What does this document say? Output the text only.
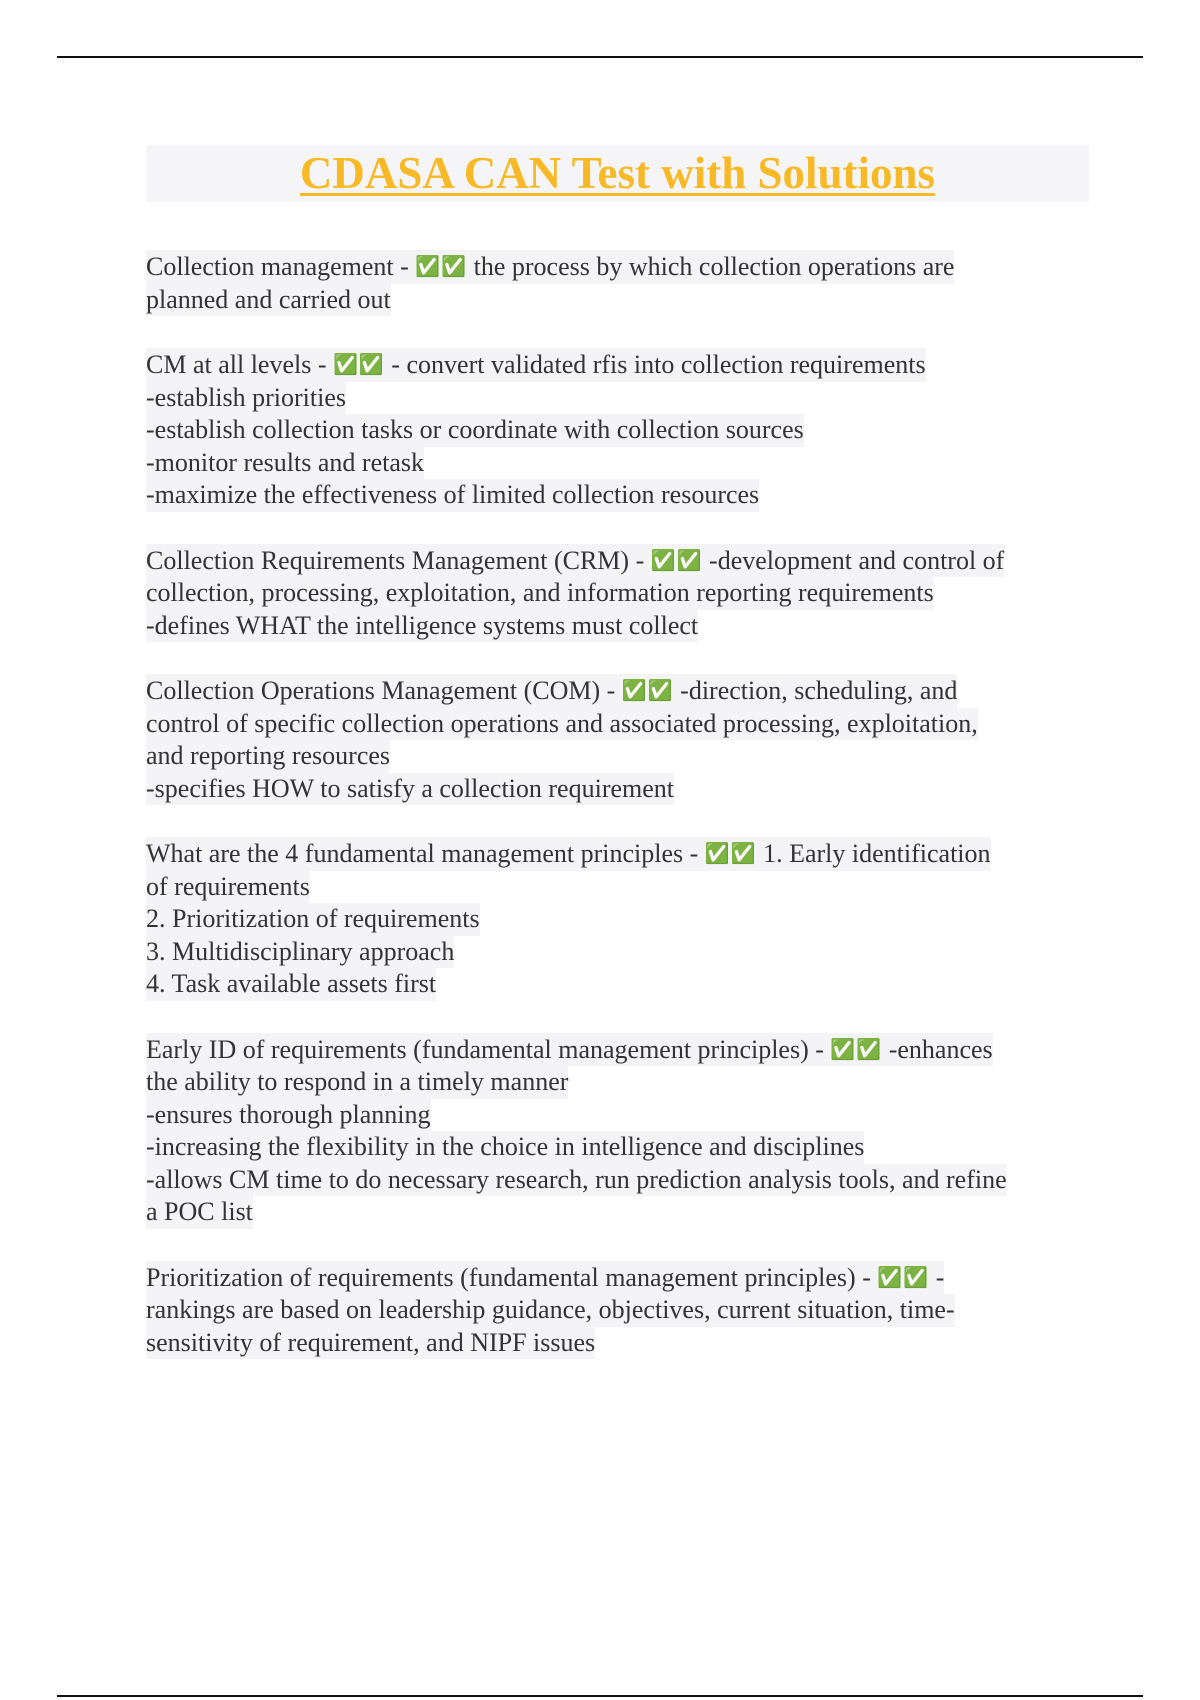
CDASA CAN Test with Solutions
Collection management - ✅✅ the process by which collection operations are
planned and carried out
CM at all levels - ✅✅ - convert validated rfis into collection requirements
-establish priorities
-establish collection tasks or coordinate with collection sources
-monitor results and retask
-maximize the effectiveness of limited collection resources
Collection Requirements Management (CRM) - ✅✅ -development and control of
collection, processing, exploitation, and information reporting requirements
-defines WHAT the intelligence systems must collect
Collection Operations Management (COM) - ✅✅ -direction, scheduling, and
control of specific collection operations and associated processing, exploitation,
and reporting resources
-specifies HOW to satisfy a collection requirement
What are the 4 fundamental management principles - ✅✅ 1. Early identification
of requirements
2. Prioritization of requirements
3. Multidisciplinary approach
4. Task available assets first
Early ID of requirements (fundamental management principles) - ✅✅ -enhances
the ability to respond in a timely manner
-ensures thorough planning
-increasing the flexibility in the choice in intelligence and disciplines
-allows CM time to do necessary research, run prediction analysis tools, and refine
a POC list
Prioritization of requirements (fundamental management principles) - ✅✅ -
rankings are based on leadership guidance, objectives, current situation, time-
sensitivity of requirement, and NIPF issues
